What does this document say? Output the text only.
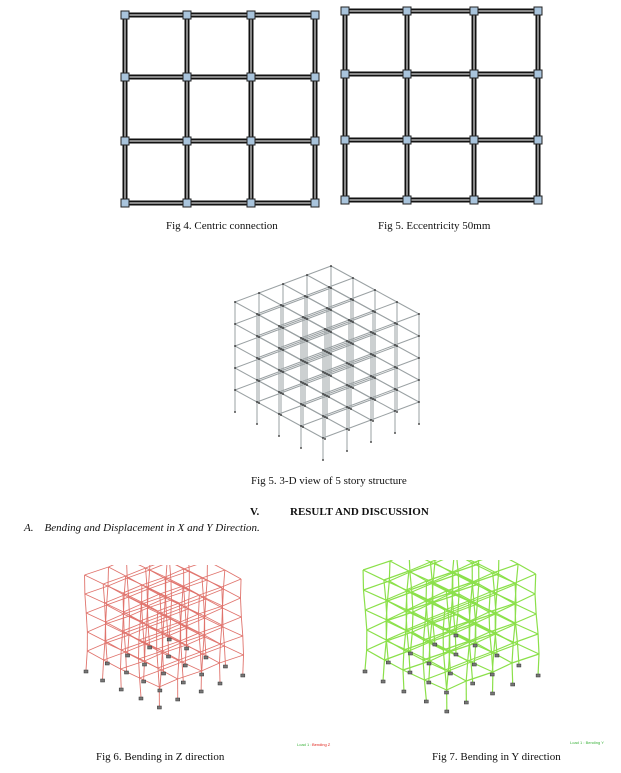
Fig 4. Centric connection	Fig 5. Eccentricity 50mm
Fig 5. 3-D view of 5 story structure
V.	RESULT AND DISCUSSION
A.    Bending and Displacement in X and Y Direction.
Load 1 : Bending Z	Load 1 : Bending Y
Fig 6. Bending in Z direction	Fig 7. Bending in Y direction
